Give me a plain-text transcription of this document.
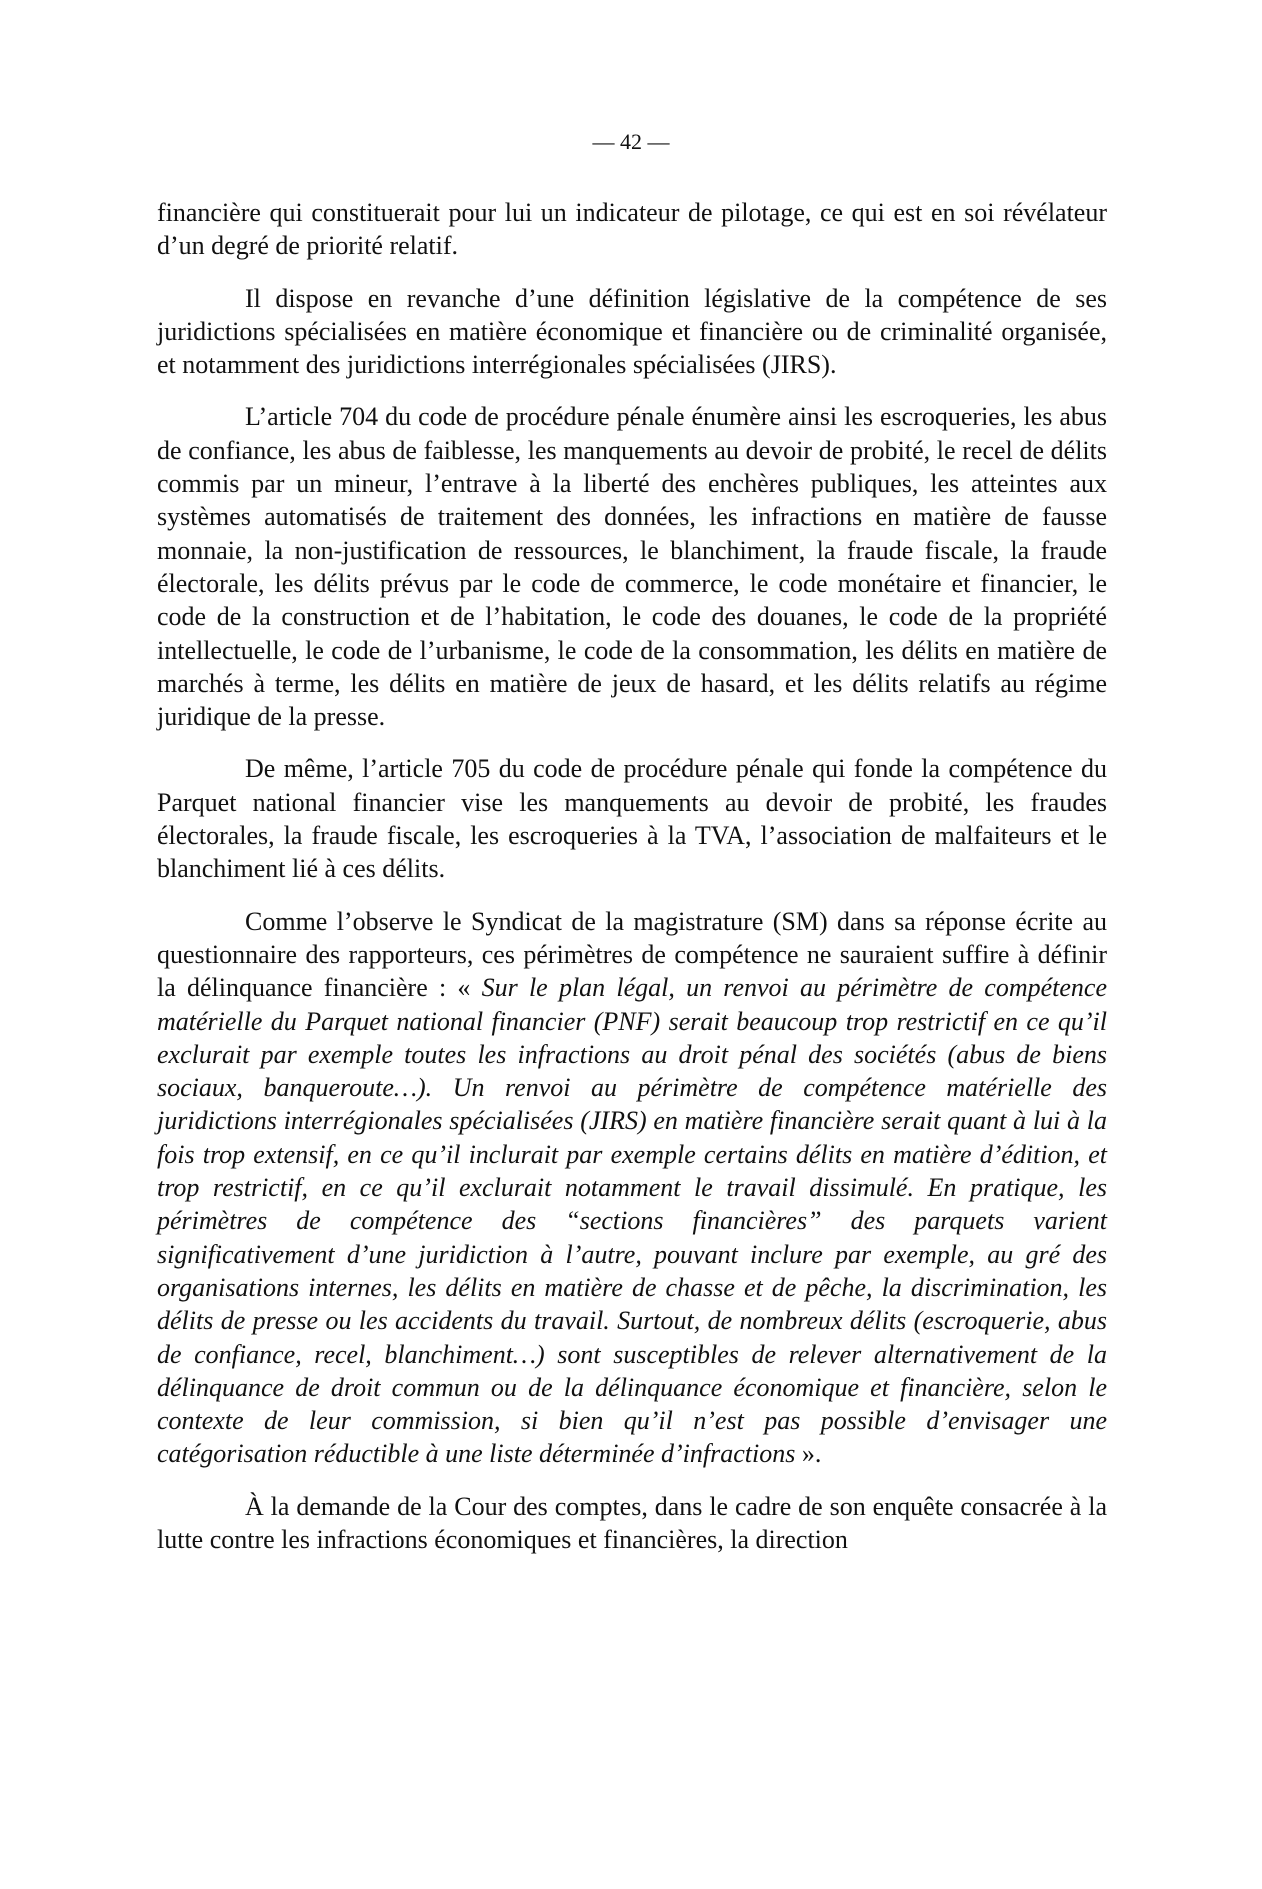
— 42 —

financière qui constituerait pour lui un indicateur de pilotage, ce qui est en soi révélateur d’un degré de priorité relatif.

Il dispose en revanche d’une définition législative de la compétence de ses juridictions spécialisées en matière économique et financière ou de criminalité organisée, et notamment des juridictions interrégionales spécialisées (JIRS).

L’article 704 du code de procédure pénale énumère ainsi les escroqueries, les abus de confiance, les abus de faiblesse, les manquements au devoir de probité, le recel de délits commis par un mineur, l’entrave à la liberté des enchères publiques, les atteintes aux systèmes automatisés de traitement des données, les infractions en matière de fausse monnaie, la non-justification de ressources, le blanchiment, la fraude fiscale, la fraude électorale, les délits prévus par le code de commerce, le code monétaire et financier, le code de la construction et de l’habitation, le code des douanes, le code de la propriété intellectuelle, le code de l’urbanisme, le code de la consommation, les délits en matière de marchés à terme, les délits en matière de jeux de hasard, et les délits relatifs au régime juridique de la presse.

De même, l’article 705 du code de procédure pénale qui fonde la compétence du Parquet national financier vise les manquements au devoir de probité, les fraudes électorales, la fraude fiscale, les escroqueries à la TVA, l’association de malfaiteurs et le blanchiment lié à ces délits.

Comme l’observe le Syndicat de la magistrature (SM) dans sa réponse écrite au questionnaire des rapporteurs, ces périmètres de compétence ne sauraient suffire à définir la délinquance financière : « Sur le plan légal, un renvoi au périmètre de compétence matérielle du Parquet national financier (PNF) serait beaucoup trop restrictif en ce qu’il exclurait par exemple toutes les infractions au droit pénal des sociétés (abus de biens sociaux, banqueroute…). Un renvoi au périmètre de compétence matérielle des juridictions interrégionales spécialisées (JIRS) en matière financière serait quant à lui à la fois trop extensif, en ce qu’il inclurait par exemple certains délits en matière d’édition, et trop restrictif, en ce qu’il exclurait notamment le travail dissimulé. En pratique, les périmètres de compétence des “sections financières” des parquets varient significativement d’une juridiction à l’autre, pouvant inclure par exemple, au gré des organisations internes, les délits en matière de chasse et de pêche, la discrimination, les délits de presse ou les accidents du travail. Surtout, de nombreux délits (escroquerie, abus de confiance, recel, blanchiment…) sont susceptibles de relever alternativement de la délinquance de droit commun ou de la délinquance économique et financière, selon le contexte de leur commission, si bien qu’il n’est pas possible d’envisager une catégorisation réductible à une liste déterminée d’infractions ».

À la demande de la Cour des comptes, dans le cadre de son enquête consacrée à la lutte contre les infractions économiques et financières, la direction
